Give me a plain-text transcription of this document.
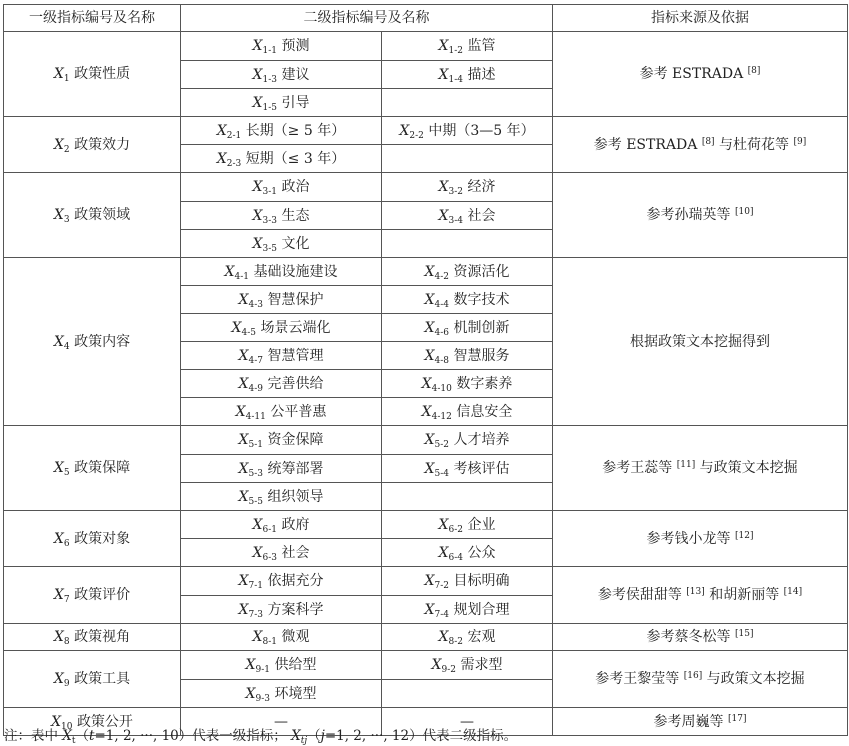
一级指标编号及名称	二级指标编号及名称		指标来源及依据
$X_1$ 政策性质	$X_{1-1}$ 预测	$X_{1-2}$ 监管	参考 ESTRADA [8]
	$X_{1-3}$ 建议	$X_{1-4}$ 描述	
	$X_{1-5}$ 引导		
$X_2$ 政策效力	$X_{2-1}$ 长期（≥ 5 年）	$X_{2-2}$ 中期（3—5 年）	参考 ESTRADA [8] 与杜荷花等 [9]
	$X_{2-3}$ 短期（≤ 3 年）		
$X_3$ 政策领域	$X_{3-1}$ 政治	$X_{3-2}$ 经济	参考孙瑞英等 [10]
	$X_{3-3}$ 生态	$X_{3-4}$ 社会	
	$X_{3-5}$ 文化		
$X_4$ 政策内容	$X_{4-1}$ 基础设施建设	$X_{4-2}$ 资源活化	根据政策文本挖掘得到
	$X_{4-3}$ 智慧保护	$X_{4-4}$ 数字技术	
	$X_{4-5}$ 场景云端化	$X_{4-6}$ 机制创新	
	$X_{4-7}$ 智慧管理	$X_{4-8}$ 智慧服务	
	$X_{4-9}$ 完善供给	$X_{4-10}$ 数字素养	
	$X_{4-11}$ 公平普惠	$X_{4-12}$ 信息安全	
$X_5$ 政策保障	$X_{5-1}$ 资金保障	$X_{5-2}$ 人才培养	参考王蕊等 [11] 与政策文本挖掘
	$X_{5-3}$ 统筹部署	$X_{5-4}$ 考核评估	
	$X_{5-5}$ 组织领导		
$X_6$ 政策对象	$X_{6-1}$ 政府	$X_{6-2}$ 企业	参考钱小龙等 [12]
	$X_{6-3}$ 社会	$X_{6-4}$ 公众	
$X_7$ 政策评价	$X_{7-1}$ 依据充分	$X_{7-2}$ 目标明确	参考侯甜甜等 [13] 和胡新丽等 [14]
	$X_{7-3}$ 方案科学	$X_{7-4}$ 规划合理	
$X_8$ 政策视角	$X_{8-1}$ 微观	$X_{8-2}$ 宏观	参考蔡冬松等 [15]
$X_9$ 政策工具	$X_{9-1}$ 供给型	$X_{9-2}$ 需求型	参考王黎莹等 [16] 与政策文本挖掘
	$X_{9-3}$ 环境型		
$X_{10}$ 政策公开	—	—	参考周巍等 [17]
注：表中 $X_t(t=1$, 2, ···, 10）代表一级指标； $X_{tj}(j=1$, 2, ···, 12）代表二级指标。
